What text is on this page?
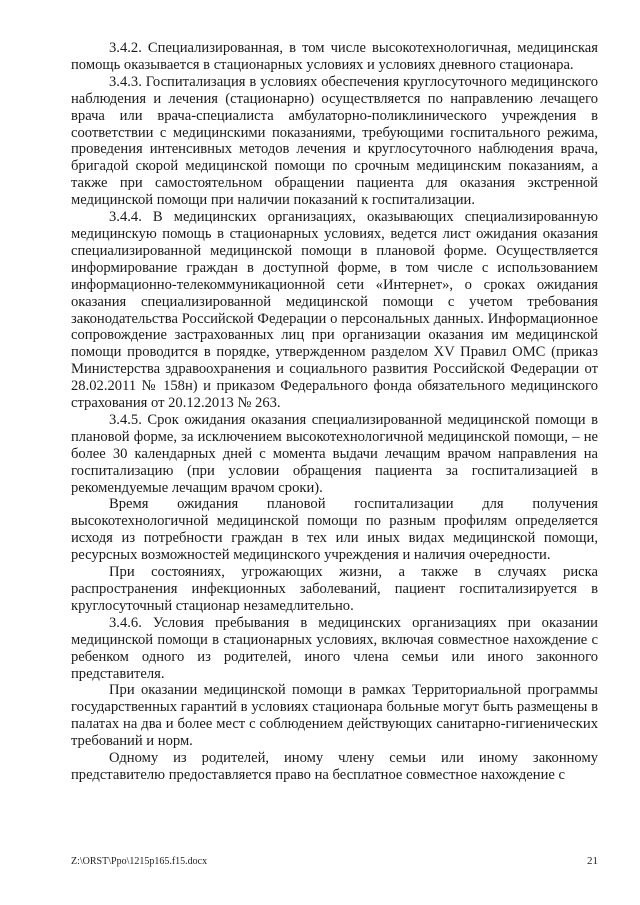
3.4.2. Специализированная, в том числе высокотехнологичная, медицинская помощь оказывается в стационарных условиях и условиях дневного стационара.

3.4.3. Госпитализация в условиях обеспечения круглосуточного медицинского наблюдения и лечения (стационарно) осуществляется по направлению лечащего врача или врача-специалиста амбулаторно-поликлинического учреждения в соответствии с медицинскими показаниями, требующими госпитального режима, проведения интенсивных методов лечения и круглосуточного наблюдения врача, бригадой скорой медицинской помощи по срочным медицинским показаниям, а также при самостоятельном обращении пациента для оказания экстренной медицинской помощи при наличии показаний к госпитализации.

3.4.4. В медицинских организациях, оказывающих специализированную медицинскую помощь в стационарных условиях, ведется лист ожидания оказания специализированной медицинской помощи в плановой форме. Осуществляется информирование граждан в доступной форме, в том числе с использованием информационно-телекоммуникационной сети «Интернет», о сроках ожидания оказания специализированной медицинской помощи с учетом требования законодательства Российской Федерации о персональных данных. Информационное сопровождение застрахованных лиц при организации оказания им медицинской помощи проводится в порядке, утвержденном разделом XV Правил ОМС (приказ Министерства здравоохранения и социального развития Российской Федерации от 28.02.2011 № 158н) и приказом Федерального фонда обязательного медицинского страхования от 20.12.2013 № 263.

3.4.5. Срок ожидания оказания специализированной медицинской помощи в плановой форме, за исключением высокотехнологичной медицинской помощи, – не более 30 календарных дней с момента выдачи лечащим врачом направления на госпитализацию (при условии обращения пациента за госпитализацией в рекомендуемые лечащим врачом сроки).

Время ожидания плановой госпитализации для получения высокотехнологичной медицинской помощи по разным профилям определяется исходя из потребности граждан в тех или иных видах медицинской помощи, ресурсных возможностей медицинского учреждения и наличия очередности.

При состояниях, угрожающих жизни, а также в случаях риска распространения инфекционных заболеваний, пациент госпитализируется в круглосуточный стационар незамедлительно.

3.4.6. Условия пребывания в медицинских организациях при оказании медицинской помощи в стационарных условиях, включая совместное нахождение с ребенком одного из родителей, иного члена семьи или иного законного представителя.

При оказании медицинской помощи в рамках Территориальной программы государственных гарантий в условиях стационара больные могут быть размещены в палатах на два и более мест с соблюдением действующих санитарно-гигиенических требований и норм.

Одному из родителей, иному члену семьи или иному законному представителю предоставляется право на бесплатное совместное нахождение с

Z:\ORST\Ppo\1215p165.f15.docx	21
